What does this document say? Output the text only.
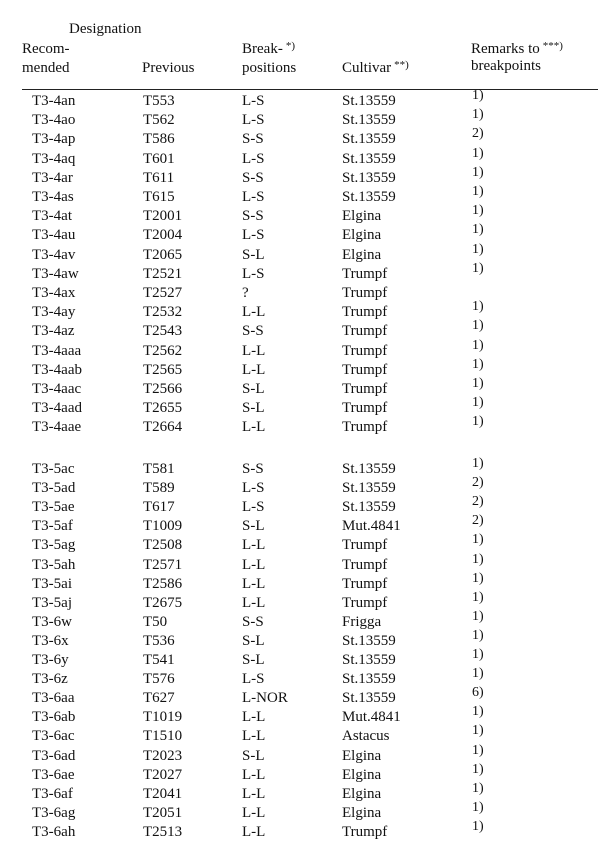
Designation
Recom-
mended	Previous
Break- *)
positions	Cultivar **)
Remarks to ***)
breakpoints
T3-4an	T553	L-S	St.13559	1)
T3-4ao	T562	L-S	St.13559	1)
T3-4ap	T586	S-S	St.13559	2)
T3-4aq	T601	L-S	St.13559	1)
T3-4ar	T611	S-S	St.13559	1)
T3-4as	T615	L-S	St.13559	1)
T3-4at	T2001	S-S	Elgina	1)
T3-4au	T2004	L-S	Elgina	1)
T3-4av	T2065	S-L	Elgina	1)
T3-4aw	T2521	L-S	Trumpf	1)
T3-4ax	T2527	?	Trumpf
T3-4ay	T2532	L-L	Trumpf	1)
T3-4az	T2543	S-S	Trumpf	1)
T3-4aaa	T2562	L-L	Trumpf	1)
T3-4aab	T2565	L-L	Trumpf	1)
T3-4aac	T2566	S-L	Trumpf	1)
T3-4aad	T2655	S-L	Trumpf	1)
T3-4aae	T2664	L-L	Trumpf	1)
T3-5ac	T581	S-S	St.13559	1)
T3-5ad	T589	L-S	St.13559	2)
T3-5ae	T617	L-S	St.13559	2)
T3-5af	T1009	S-L	Mut.4841	2)
T3-5ag	T2508	L-L	Trumpf	1)
T3-5ah	T2571	L-L	Trumpf	1)
T3-5ai	T2586	L-L	Trumpf	1)
T3-5aj	T2675	L-L	Trumpf	1)
T3-6w	T50	S-S	Frigga	1)
T3-6x	T536	S-L	St.13559	1)
T3-6y	T541	S-L	St.13559	1)
T3-6z	T576	L-S	St.13559	1)
T3-6aa	T627	L-NOR	St.13559	6)
T3-6ab	T1019	L-L	Mut.4841	1)
T3-6ac	T1510	L-L	Astacus	1)
T3-6ad	T2023	S-L	Elgina	1)
T3-6ae	T2027	L-L	Elgina	1)
T3-6af	T2041	L-L	Elgina	1)
T3-6ag	T2051	L-L	Elgina	1)
T3-6ah	T2513	L-L	Trumpf	1)
